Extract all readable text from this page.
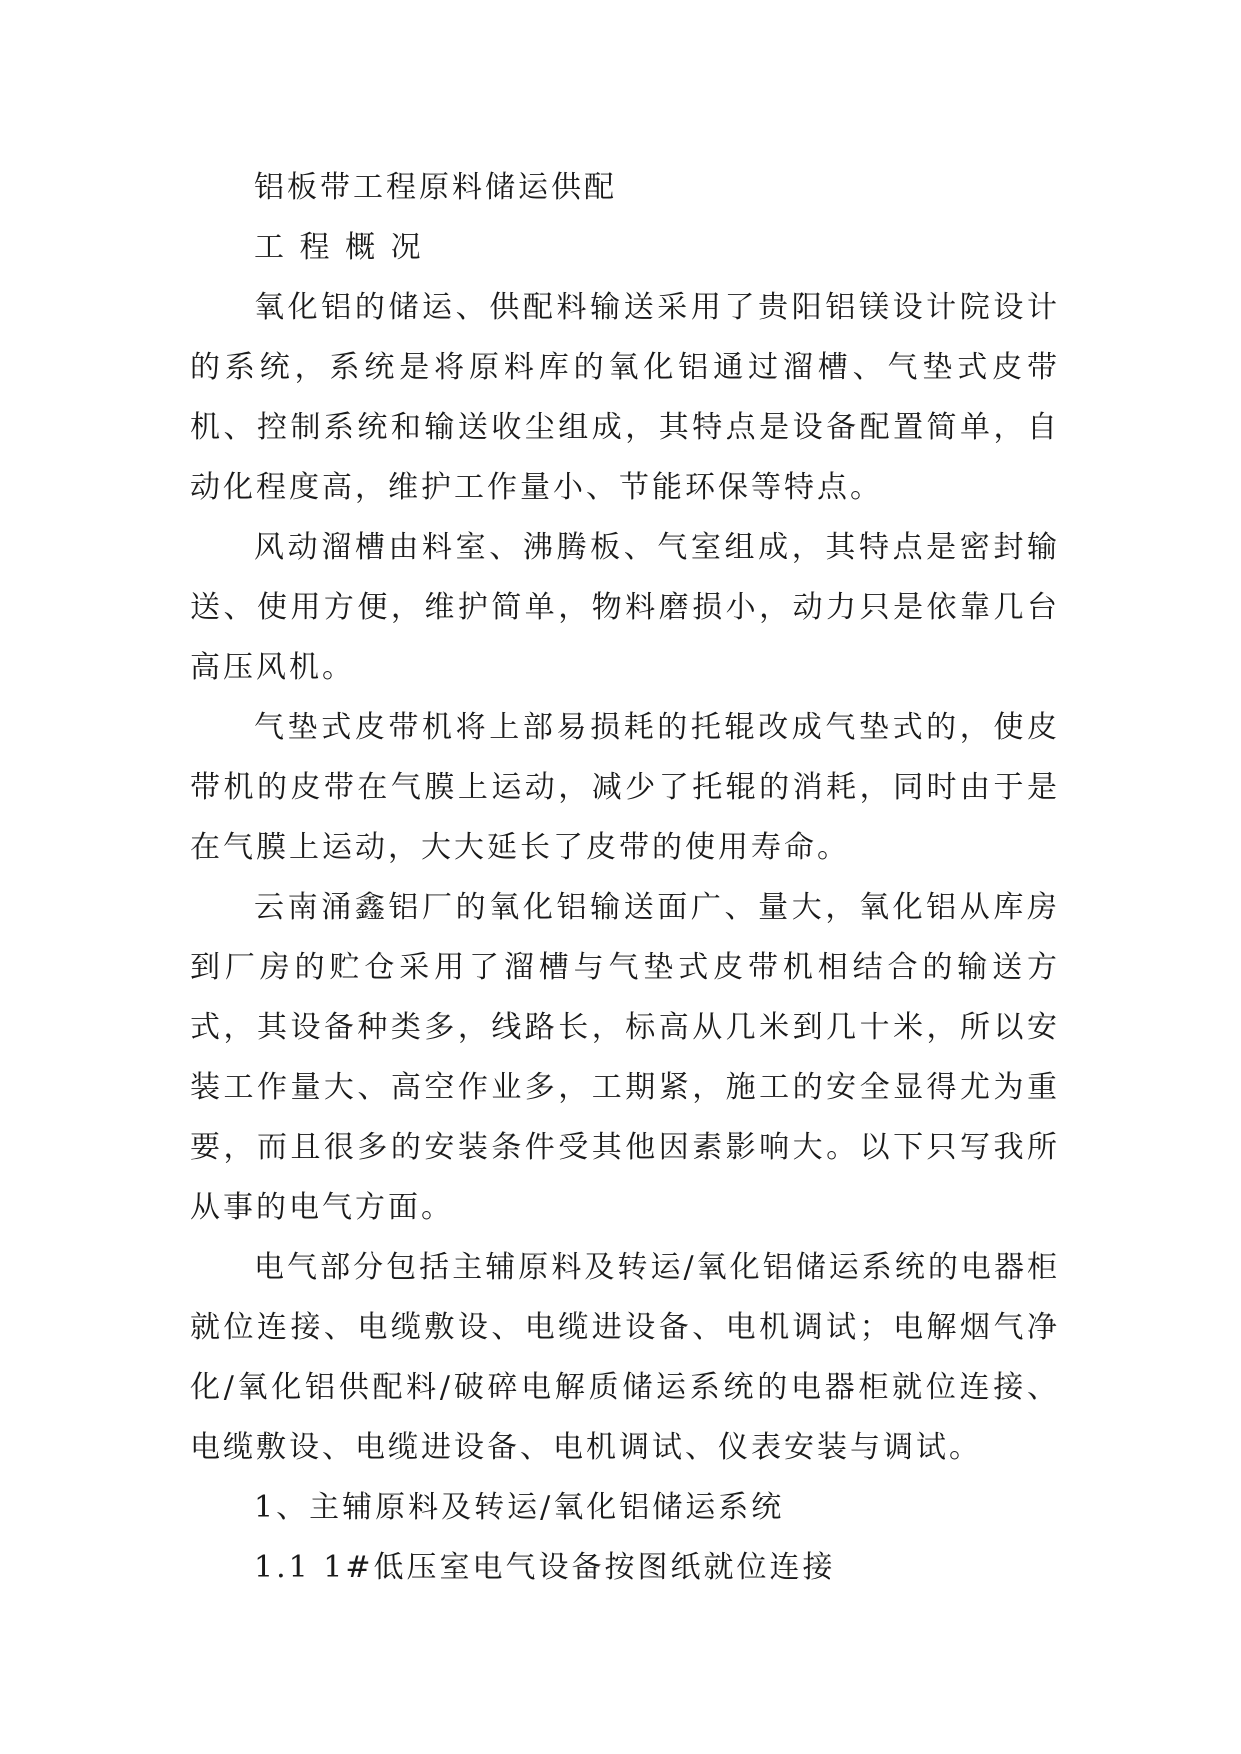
铝板带工程原料储运供配

工 程 概 况

氧化铝的储运、供配料输送采用了贵阳铝镁设计院设计的系统，系统是将原料库的氧化铝通过溜槽、气垫式皮带机、控制系统和输送收尘组成，其特点是设备配置简单，自动化程度高，维护工作量小、节能环保等特点。

风动溜槽由料室、沸腾板、气室组成，其特点是密封输送、使用方便，维护简单，物料磨损小，动力只是依靠几台高压风机。

气垫式皮带机将上部易损耗的托辊改成气垫式的，使皮带机的皮带在气膜上运动，减少了托辊的消耗，同时由于是在气膜上运动，大大延长了皮带的使用寿命。

云南涌鑫铝厂的氧化铝输送面广、量大，氧化铝从库房到厂房的贮仓采用了溜槽与气垫式皮带机相结合的输送方式，其设备种类多，线路长，标高从几米到几十米，所以安装工作量大、高空作业多，工期紧，施工的安全显得尤为重要，而且很多的安装条件受其他因素影响大。以下只写我所从事的电气方面。

电气部分包括主辅原料及转运/氧化铝储运系统的电器柜就位连接、电缆敷设、电缆进设备、电机调试；电解烟气净化/氧化铝供配料/破碎电解质储运系统的电器柜就位连接、电缆敷设、电缆进设备、电机调试、仪表安装与调试。

1、主辅原料及转运/氧化铝储运系统

1.1 1#低压室电气设备按图纸就位连接
